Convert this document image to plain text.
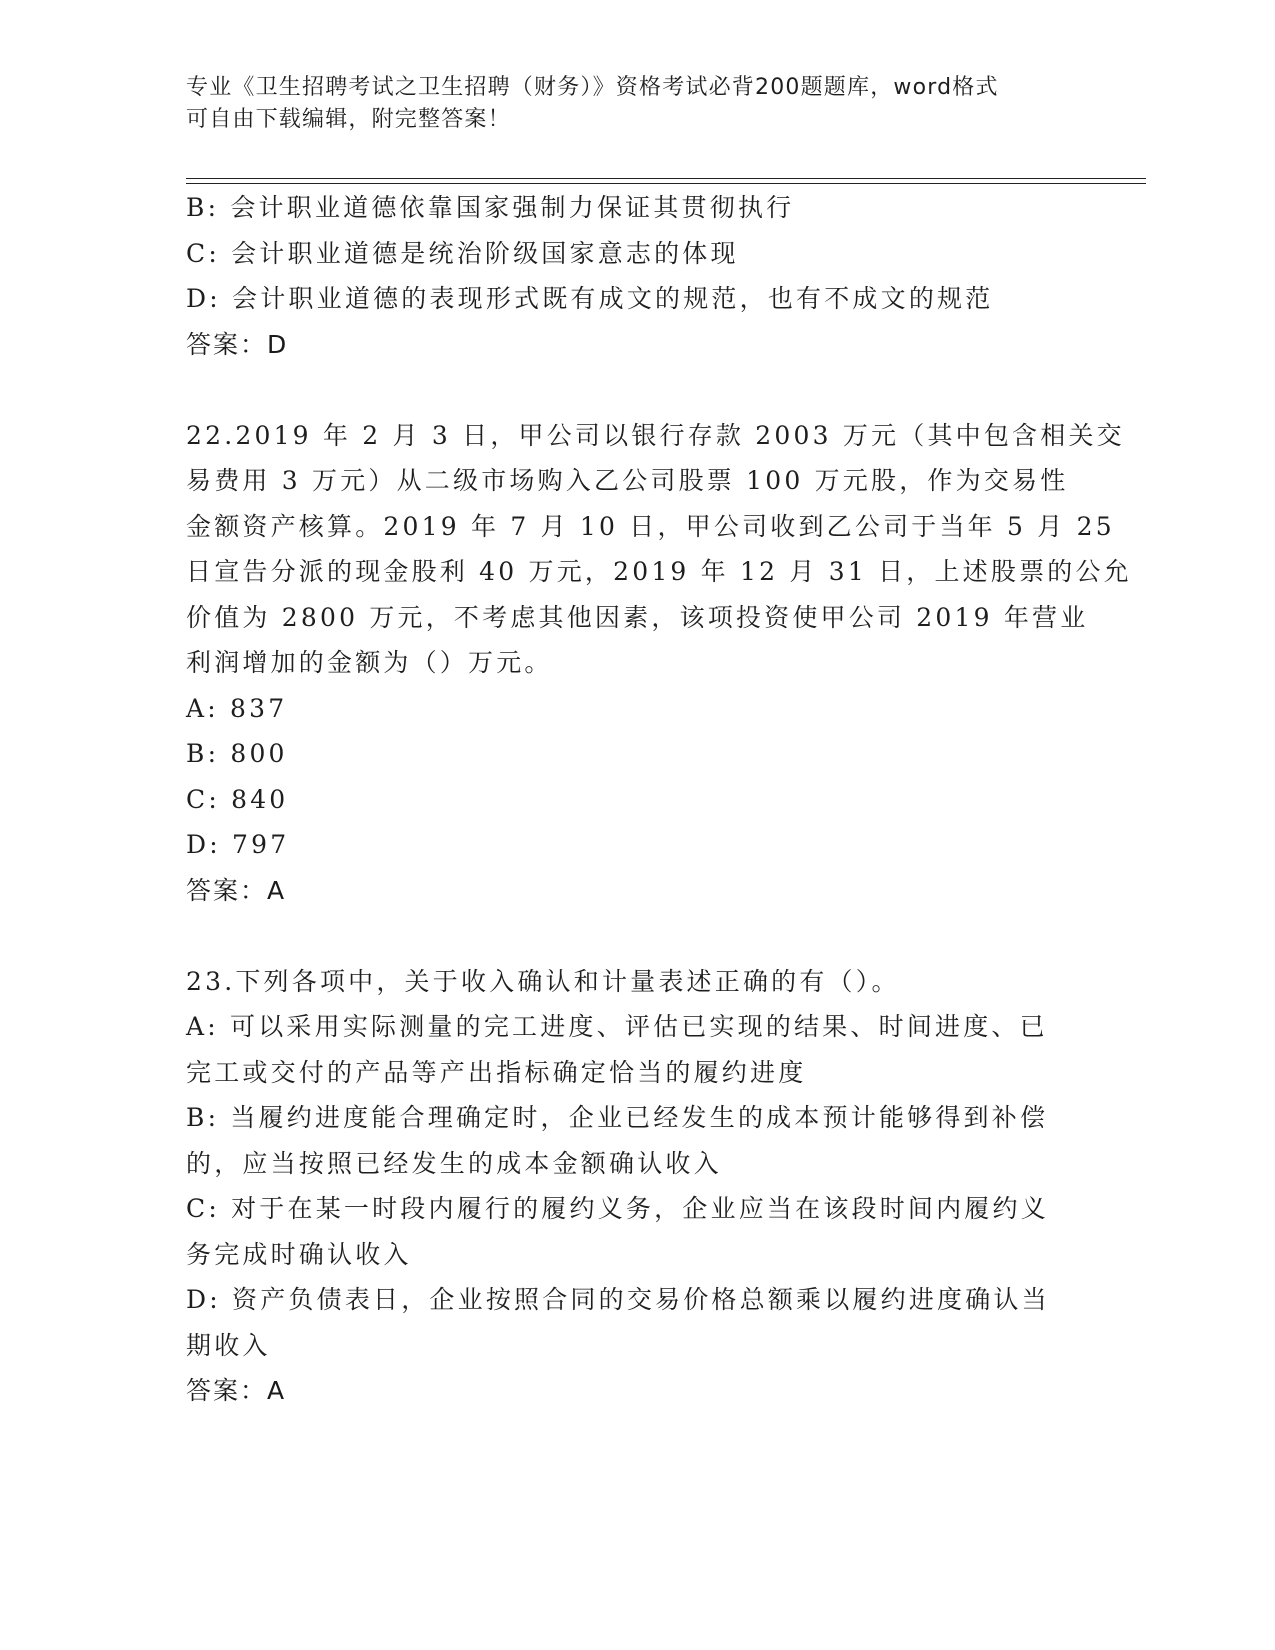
专业《卫生招聘考试之卫生招聘（财务）》资格考试必背200题题库，word格式
可自由下载编辑，附完整答案！
B: 会计职业道德依靠国家强制力保证其贯彻执行
C: 会计职业道德是统治阶级国家意志的体现
D: 会计职业道德的表现形式既有成文的规范，也有不成文的规范
答案：D
22.2019 年 2 月 3 日，甲公司以银行存款 2003 万元（其中包含相关交
易费用 3 万元）从二级市场购入乙公司股票 100 万元股，作为交易性
金额资产核算。2019 年 7 月 10 日，甲公司收到乙公司于当年 5 月 25
日宣告分派的现金股利 40 万元，2019 年 12 月 31 日，上述股票的公允
价值为 2800 万元，不考虑其他因素，该项投资使甲公司 2019 年营业
利润增加的金额为（）万元。
A: 837
B: 800
C: 840
D: 797
答案：A
23.下列各项中，关于收入确认和计量表述正确的有（）。
A: 可以采用实际测量的完工进度、评估已实现的结果、时间进度、已
完工或交付的产品等产出指标确定恰当的履约进度
B: 当履约进度能合理确定时，企业已经发生的成本预计能够得到补偿
的，应当按照已经发生的成本金额确认收入
C: 对于在某一时段内履行的履约义务，企业应当在该段时间内履约义
务完成时确认收入
D: 资产负债表日，企业按照合同的交易价格总额乘以履约进度确认当
期收入
答案：A
